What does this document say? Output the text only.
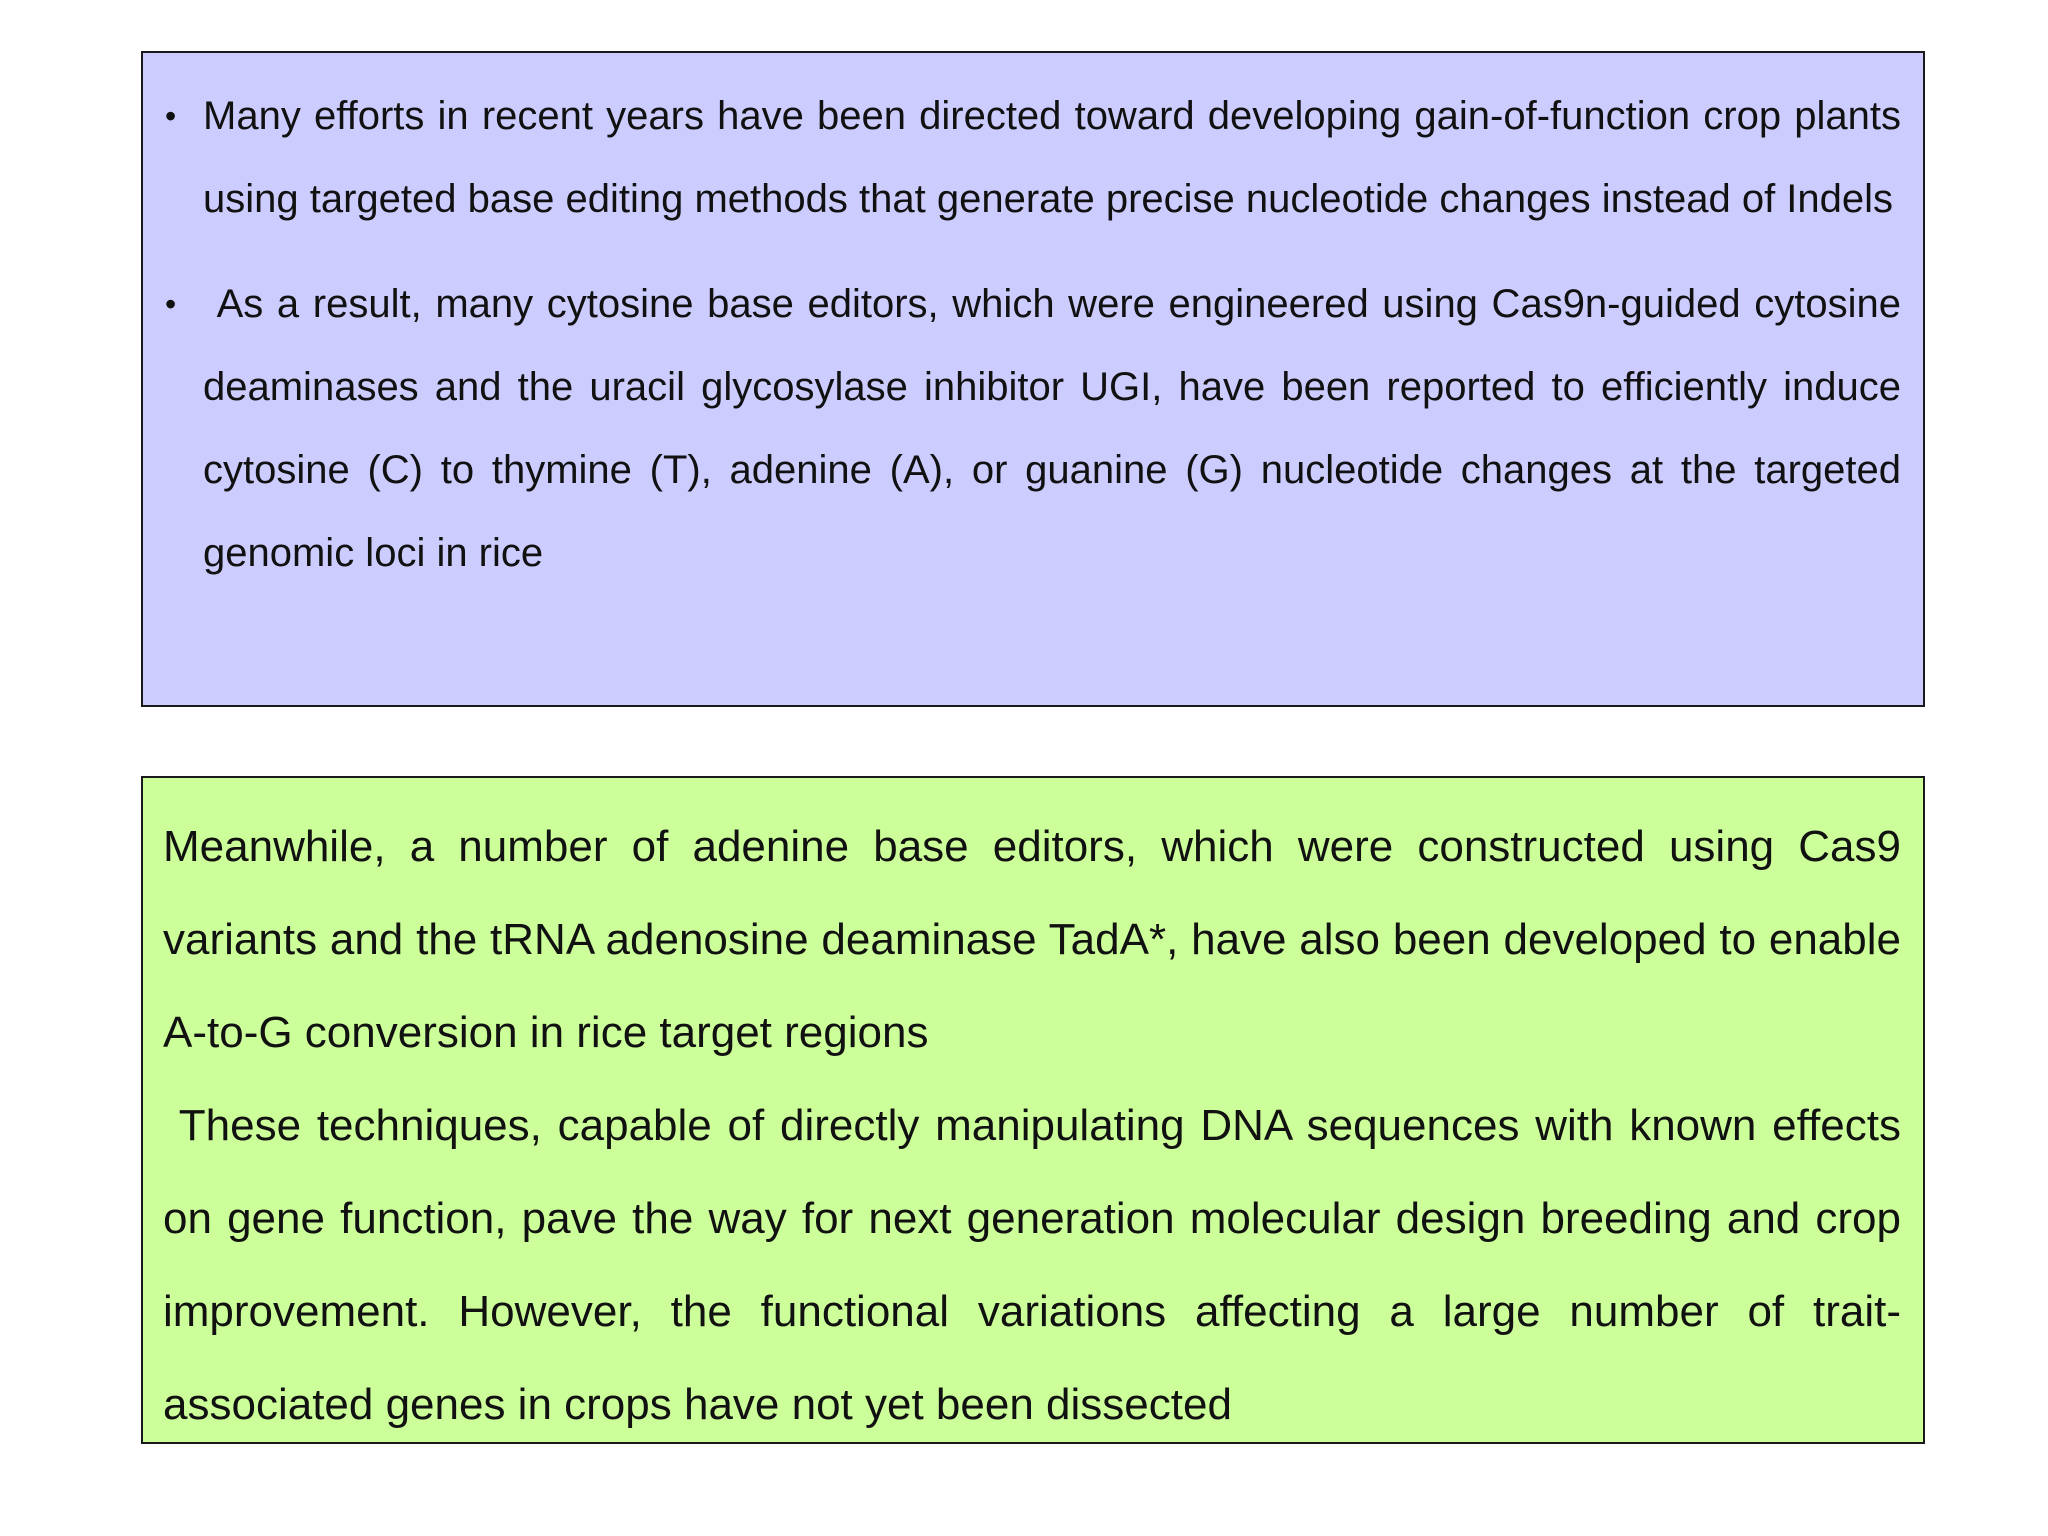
• Many efforts in recent years have been directed toward developing gain-of-function crop plants using targeted base editing methods that generate precise nucleotide changes instead of Indels
• As a result, many cytosine base editors, which were engineered using Cas9n-guided cytosine deaminases and the uracil glycosylase inhibitor UGI, have been reported to efficiently induce cytosine (C) to thymine (T), adenine (A), or guanine (G) nucleotide changes at the targeted genomic loci in rice

Meanwhile, a number of adenine base editors, which were constructed using Cas9 variants and the tRNA adenosine deaminase TadA*, have also been developed to enable A-to-G conversion in rice target regions

These techniques, capable of directly manipulating DNA sequences with known effects on gene function, pave the way for next generation molecular design breeding and crop improvement. However, the functional variations affecting a large number of trait-associated genes in crops have not yet been dissected
